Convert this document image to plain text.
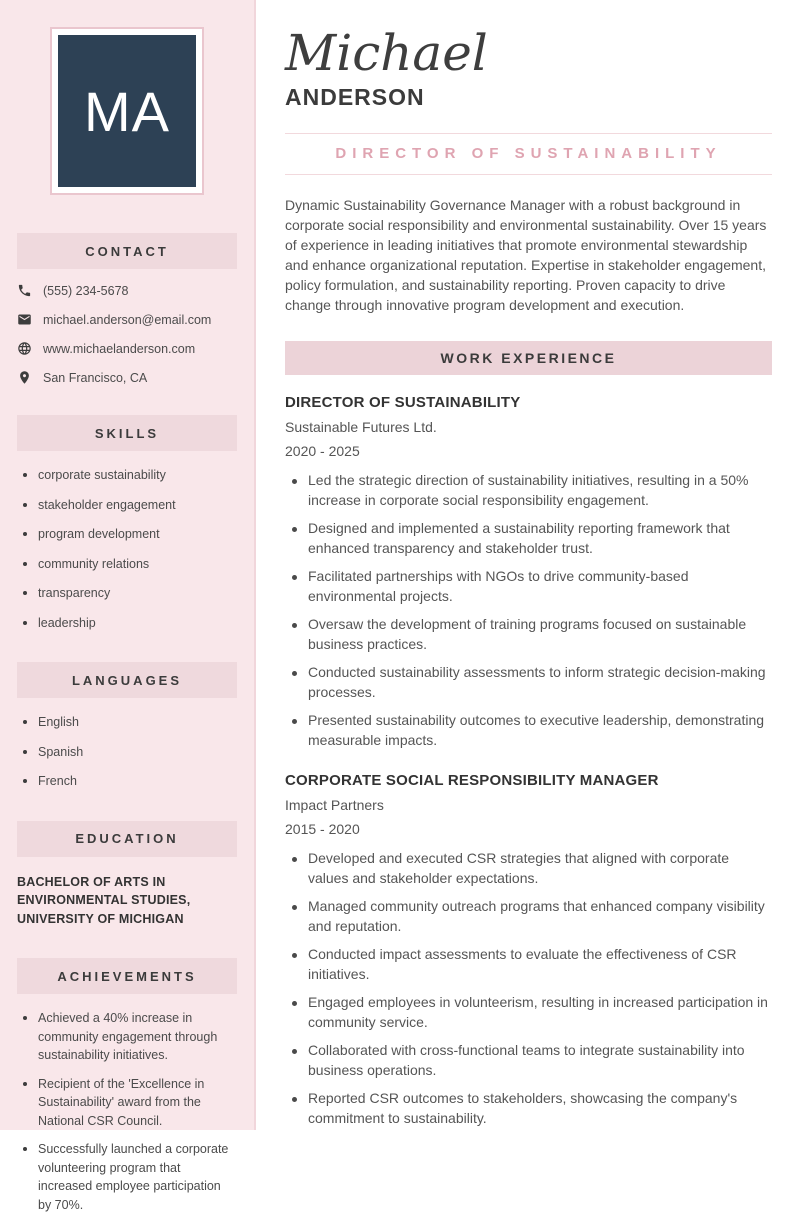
MA
CONTACT
(555) 234-5678
michael.anderson@email.com
www.michaelanderson.com
San Francisco, CA
SKILLS
corporate sustainability
stakeholder engagement
program development
community relations
transparency
leadership
LANGUAGES
English
Spanish
French
EDUCATION
BACHELOR OF ARTS IN ENVIRONMENTAL STUDIES, UNIVERSITY OF MICHIGAN
ACHIEVEMENTS
Achieved a 40% increase in community engagement through sustainability initiatives.
Recipient of the 'Excellence in Sustainability' award from the National CSR Council.
Successfully launched a corporate volunteering program that increased employee participation by 70%.
Michael
ANDERSON
DIRECTOR OF SUSTAINABILITY

Dynamic Sustainability Governance Manager with a robust background in corporate social responsibility and environmental sustainability. Over 15 years of experience in leading initiatives that promote environmental stewardship and enhance organizational reputation. Expertise in stakeholder engagement, policy formulation, and sustainability reporting. Proven capacity to drive change through innovative program development and execution.

WORK EXPERIENCE
DIRECTOR OF SUSTAINABILITY
Sustainable Futures Ltd.
2020 - 2025
Led the strategic direction of sustainability initiatives, resulting in a 50% increase in corporate social responsibility engagement.
Designed and implemented a sustainability reporting framework that enhanced transparency and stakeholder trust.
Facilitated partnerships with NGOs to drive community-based environmental projects.
Oversaw the development of training programs focused on sustainable business practices.
Conducted sustainability assessments to inform strategic decision-making processes.
Presented sustainability outcomes to executive leadership, demonstrating measurable impacts.
CORPORATE SOCIAL RESPONSIBILITY MANAGER
Impact Partners
2015 - 2020
Developed and executed CSR strategies that aligned with corporate values and stakeholder expectations.
Managed community outreach programs that enhanced company visibility and reputation.
Conducted impact assessments to evaluate the effectiveness of CSR initiatives.
Engaged employees in volunteerism, resulting in increased participation in community service.
Collaborated with cross-functional teams to integrate sustainability into business operations.
Reported CSR outcomes to stakeholders, showcasing the company's commitment to sustainability.
